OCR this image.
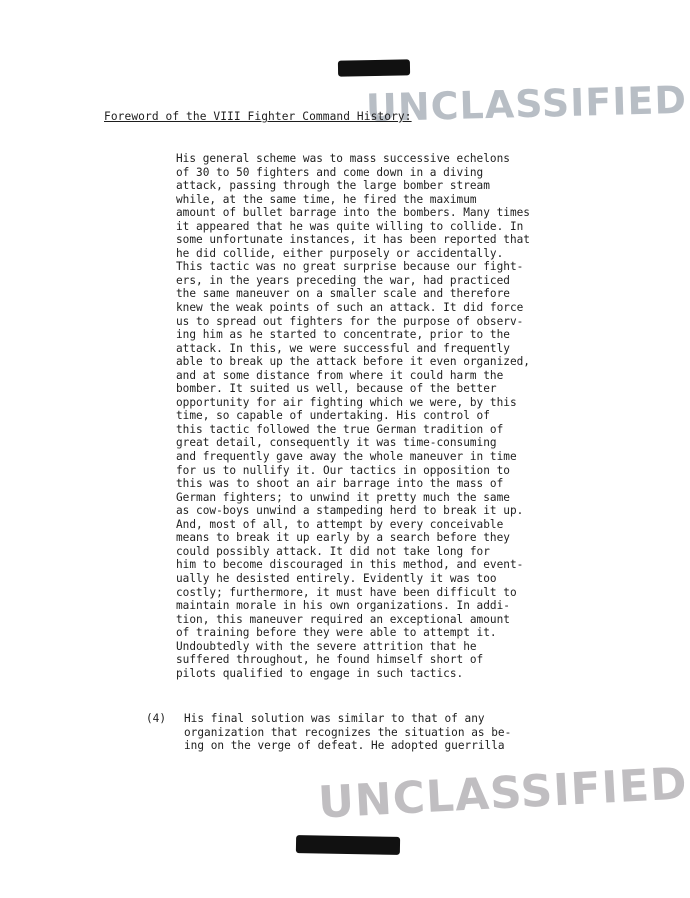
UNCLASSIFIED
Foreword of the VIII Fighter Command History:
His general scheme was to mass successive echelons
of 30 to 50 fighters and come down in a diving
attack, passing through the large bomber stream
while, at the same time, he fired the maximum
amount of bullet barrage into the bombers. Many times
it appeared that he was quite willing to collide. In
some unfortunate instances, it has been reported that
he did collide, either purposely or accidentally.
This tactic was no great surprise because our fight-
ers, in the years preceding the war, had practiced
the same maneuver on a smaller scale and therefore
knew the weak points of such an attack. It did force
us to spread out fighters for the purpose of observ-
ing him as he started to concentrate, prior to the
attack. In this, we were successful and frequently
able to break up the attack before it even organized,
and at some distance from where it could harm the
bomber. It suited us well, because of the better
opportunity for air fighting which we were, by this
time, so capable of undertaking. His control of
this tactic followed the true German tradition of
great detail, consequently it was time-consuming
and frequently gave away the whole maneuver in time
for us to nullify it. Our tactics in opposition to
this was to shoot an air barrage into the mass of
German fighters; to unwind it pretty much the same
as cow-boys unwind a stampeding herd to break it up.
And, most of all, to attempt by every conceivable
means to break it up early by a search before they
could possibly attack. It did not take long for
him to become discouraged in this method, and event-
ually he desisted entirely. Evidently it was too
costly; furthermore, it must have been difficult to
maintain morale in his own organizations. In addi-
tion, this maneuver required an exceptional amount
of training before they were able to attempt it.
Undoubtedly with the severe attrition that he
suffered throughout, he found himself short of
pilots qualified to engage in such tactics.
(4) His final solution was similar to that of any
organization that recognizes the situation as be-
ing on the verge of defeat. He adopted guerrilla
UNCLASSIFIED
